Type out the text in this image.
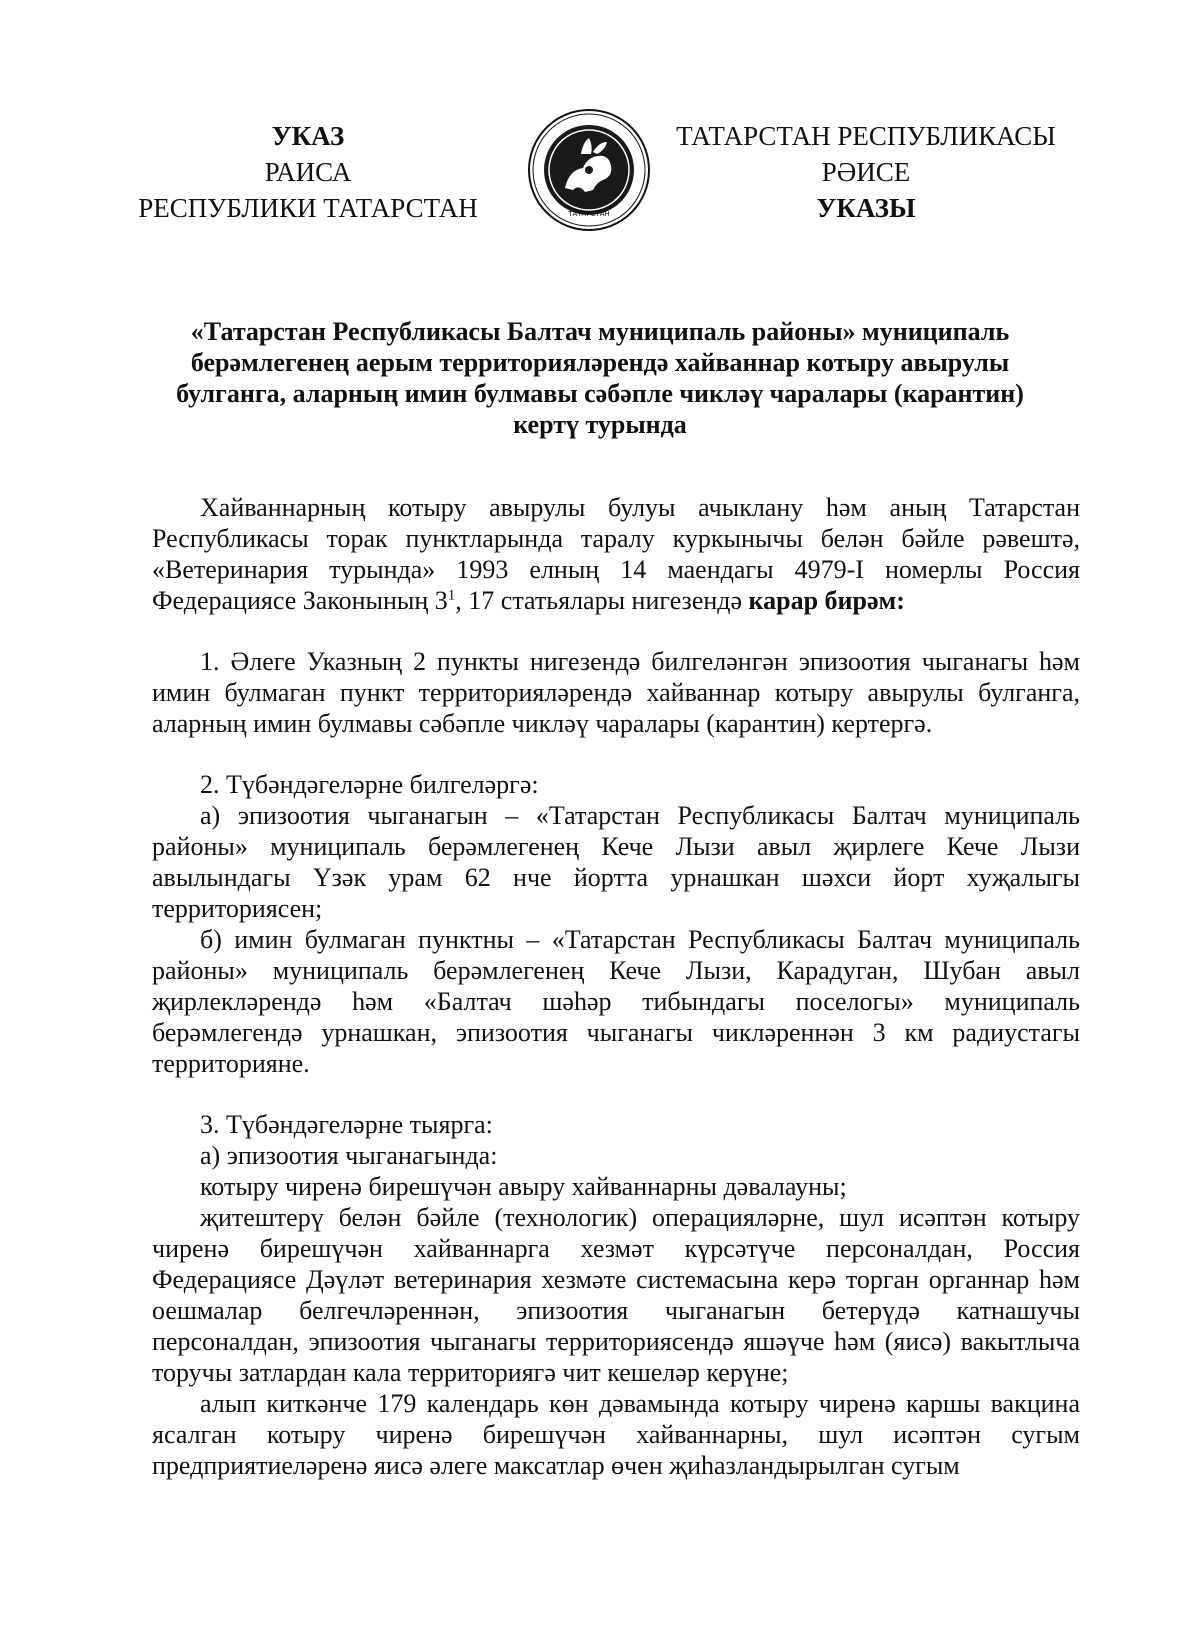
УКАЗ
РАИСА
РЕСПУБЛИКИ ТАТАРСТАН
ТАТАРСТАН РЕСПУБЛИКАСЫ
РӘИСЕ
УКАЗЫ
ТАТАРСТАН
«Татарстан Республикасы Балтач муниципаль районы» муниципаль
берәмлегенең аерым территорияләрендә хайваннар котыру авырулы
булганга, аларның имин булмавы сәбәпле чикләү чаралары (карантин)
кертү турында

Хайваннарның котыру авырулы булуы ачыклану һәм аның Татарстан Республикасы торак пунктларында таралу куркынычы белән бәйле рәвештә, «Ветеринария турында» 1993 елның 14 маендагы 4979-I номерлы Россия Федерациясе Законының $3^1$, 17 статьялары нигезендә карар бирәм:

1. Әлеге Указның 2 пункты нигезендә билгеләнгән эпизоотия чыганагы һәм имин булмаган пункт территорияләрендә хайваннар котыру авырулы булганга, аларның имин булмавы сәбәпле чикләү чаралары (карантин) кертергә.

2. Түбәндәгеләрне билгеләргә:

а) эпизоотия чыганагын – «Татарстан Республикасы Балтач муниципаль районы» муниципаль берәмлегенең Кече Лызи авыл җирлеге Кече Лызи авылындагы Үзәк урам 62 нче йортта урнашкан шәхси йорт хуҗалыгы территориясен;

б) имин булмаган пунктны – «Татарстан Республикасы Балтач муниципаль районы» муниципаль берәмлегенең Кече Лызи, Карадуган, Шубан авыл җирлекләрендә һәм «Балтач шәһәр тибындагы поселогы» муниципаль берәмлегендә урнашкан, эпизоотия чыганагы чикләреннән 3 км радиустагы территорияне.

3. Түбәндәгеләрне тыярга:

а) эпизоотия чыганагында:

котыру чиренә бирешүчән авыру хайваннарны дәвалауны;

җитештерү белән бәйле (технологик) операцияләрне, шул исәптән котыру чиренә бирешүчән хайваннарга хезмәт күрсәтүче персоналдан, Россия Федерациясе Дәүләт ветеринария хезмәте системасына керә торган органнар һәм оешмалар белгечләреннән, эпизоотия чыганагын бетерүдә катнашучы персоналдан, эпизоотия чыганагы территориясендә яшәүче һәм (яисә) вакытлыча торучы затлардан кала территориягә чит кешеләр керүне;

алып киткәнче 179 календарь көн дәвамында котыру чиренә каршы вакцина ясалган котыру чиренә бирешүчән хайваннарны, шул исәптән сугым предприятиеләренә яисә әлеге максатлар өчен җиһазландырылган сугым
